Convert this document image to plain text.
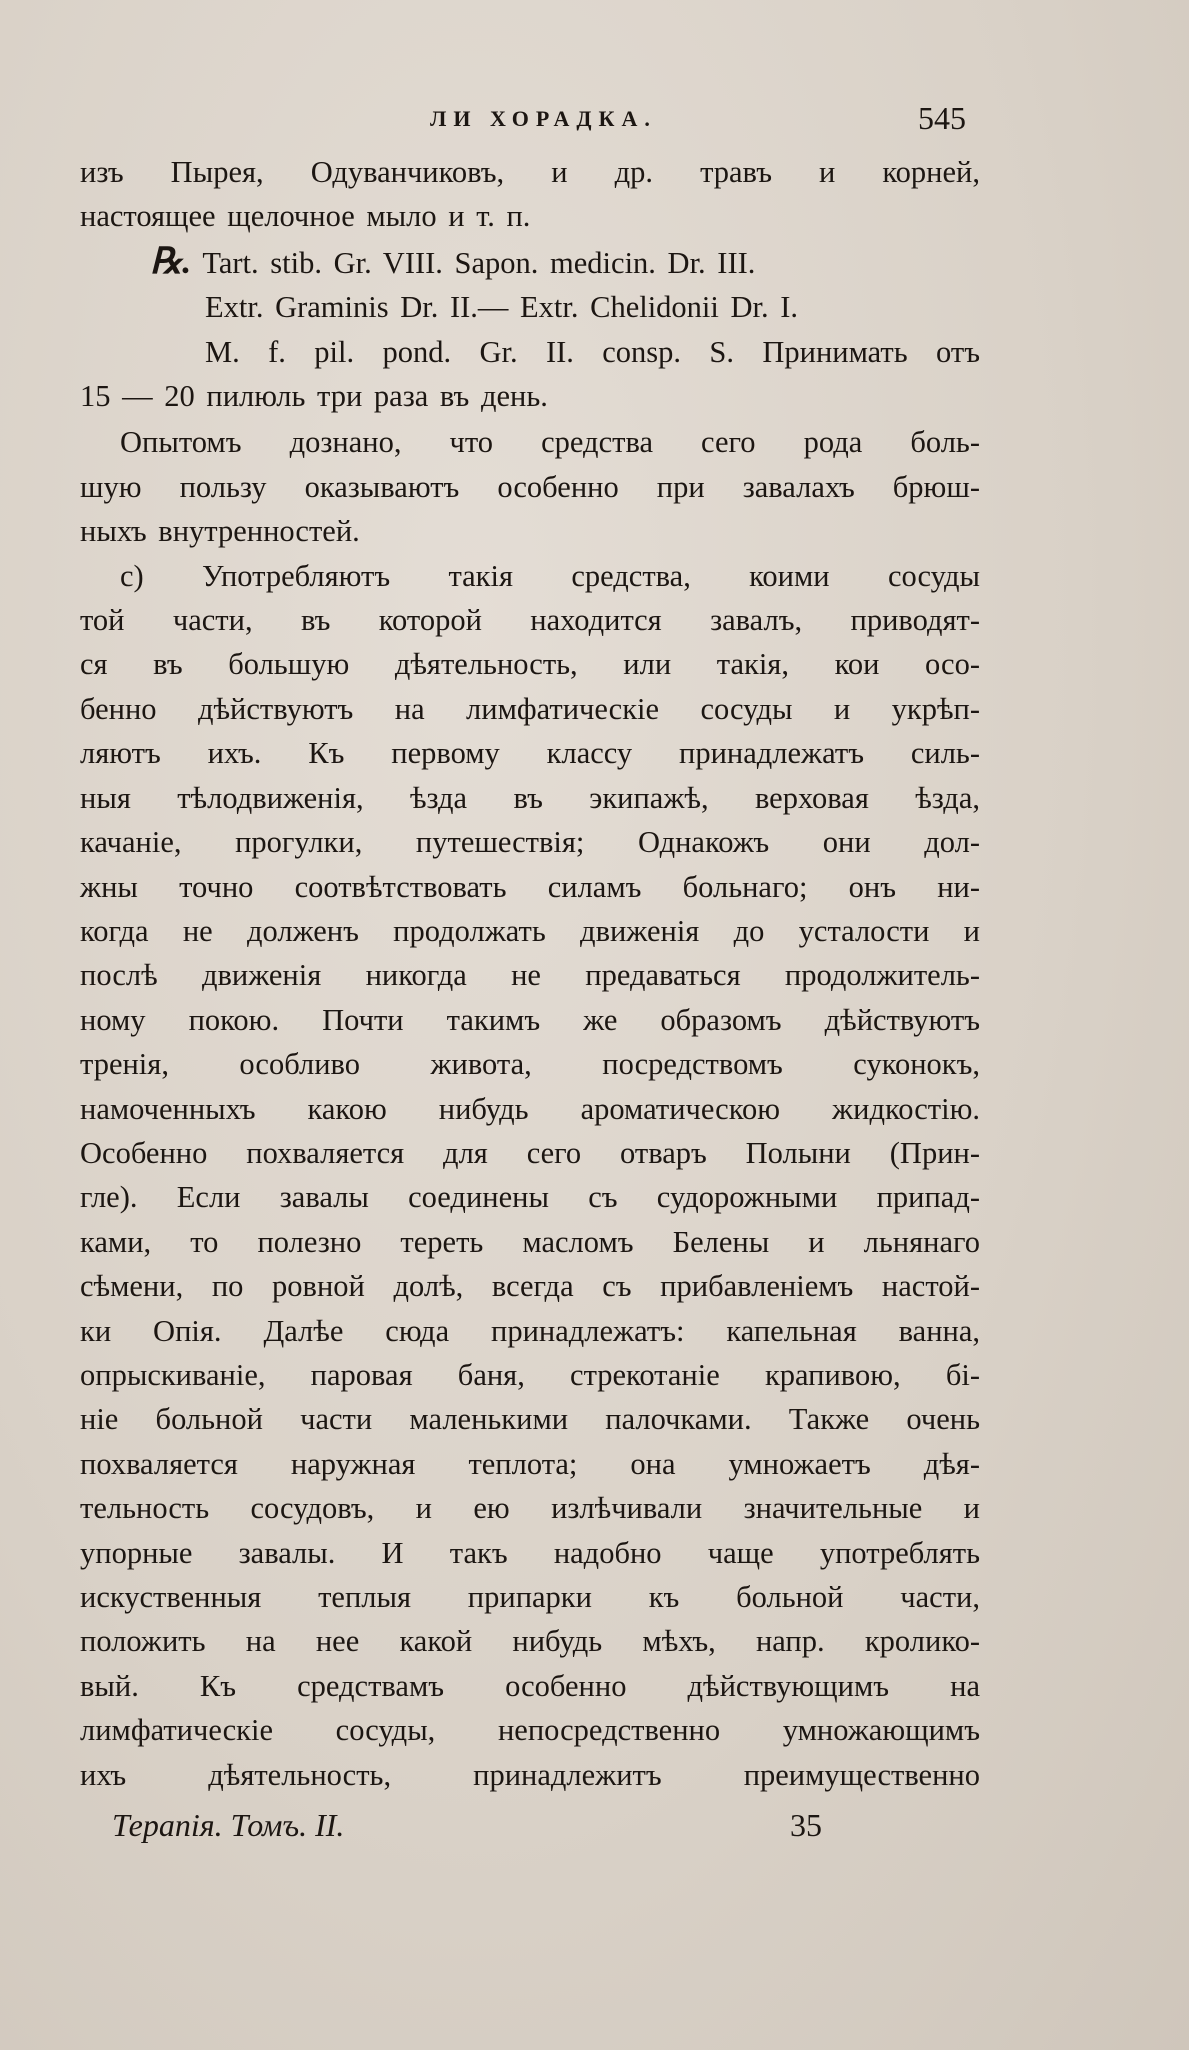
ЛИ ХОРАДКА.	545

изъ Пырея, Одуванчиковъ, и др. травъ и корней,

настоящее щелочное мыло и т. п.

℞. Tart. stib. Gr. VIII. Sapon. medicin. Dr. III.

Extr. Graminis Dr. II.— Extr. Chelidonii Dr. I.

M. f. pil. pond. Gr. II. consp. S. Принимать отъ

15 — 20 пилюль три раза въ день.

Опытомъ дознано, что средства сего рода боль-

шую пользу оказываютъ особенно при завалахъ брюш-

ныхъ внутренностей.

с) Употребляютъ такія средства, коими сосуды

той части, въ которой находится завалъ, приводят-

ся въ большую дѣятельность, или такія, кои осо-

бенно дѣйствуютъ на лимфатическіе сосуды и укрѣп-

ляютъ ихъ. Къ первому классу принадлежатъ силь-

ныя тѣлодвиженія, ѣзда въ экипажѣ, верховая ѣзда,

качаніе, прогулки, путешествія; Однакожъ они дол-

жны точно соотвѣтствовать силамъ больнаго; онъ ни-

когда не долженъ продолжать движенія до усталости и

послѣ движенія никогда не предаваться продолжитель-

ному покою. Почти такимъ же образомъ дѣйствуютъ

тренія, особливо живота, посредствомъ суконокъ,

намоченныхъ какою нибудь ароматическою жидкостію.

Особенно похваляется для сего отваръ Полыни (Прин-

гле). Если завалы соединены съ судорожными припад-

ками, то полезно тереть масломъ Белены и льнянаго

сѣмени, по ровной долѣ, всегда съ прибавленіемъ настой-

ки Опія. Далѣе сюда принадлежатъ: капельная ванна,

опрыскиваніе, паровая баня, стрекотаніе крапивою, бі-

ніе больной части маленькими палочками. Также очень

похваляется наружная теплота; она умножаетъ дѣя-

тельность сосудовъ, и ею излѣчивали значительные и

упорные завалы. И такъ надобно чаще употреблять

искуственныя теплыя припарки къ больной части,

положить на нее какой нибудь мѣхъ, напр. кролико-

вый. Къ средствамъ особенно дѣйствующимъ на

лимфатическіе сосуды, непосредственно умножающимъ

ихъ дѣятельность, принадлежитъ преимущественно

Терапія. Томъ. II.	35
